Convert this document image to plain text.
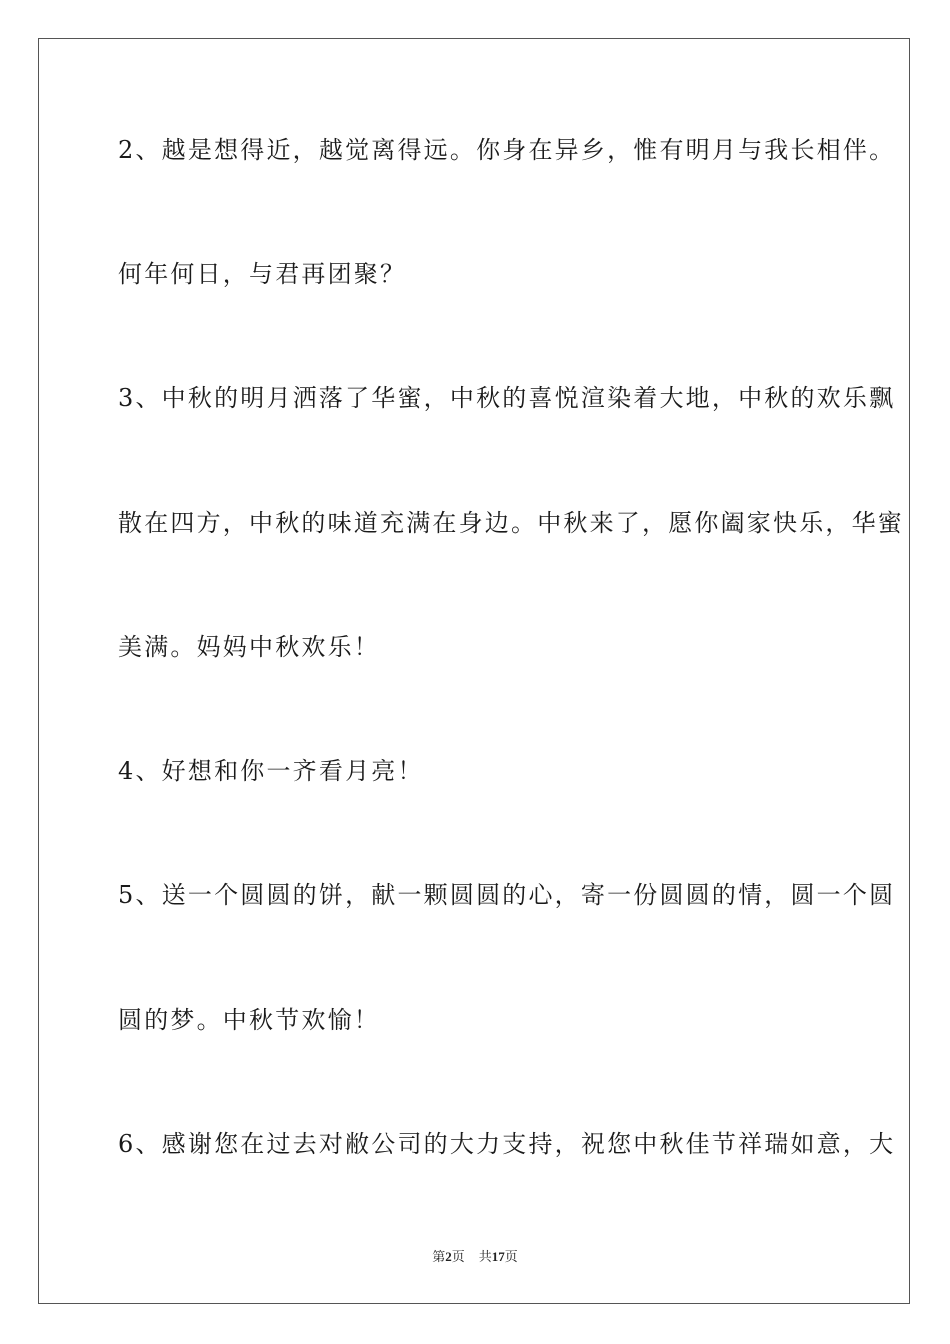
2、越是想得近，越觉离得远。你身在异乡，惟有明月与我长相伴。
何年何日，与君再团聚？
3、中秋的明月洒落了华蜜，中秋的喜悦渲染着大地，中秋的欢乐飘
散在四方，中秋的味道充满在身边。中秋来了，愿你阖家快乐，华蜜
美满。妈妈中秋欢乐！
4、好想和你一齐看月亮！
5、送一个圆圆的饼，献一颗圆圆的心，寄一份圆圆的情，圆一个圆
圆的梦。中秋节欢愉！
6、感谢您在过去对敝公司的大力支持，祝您中秋佳节祥瑞如意，大
第2页 共17页
